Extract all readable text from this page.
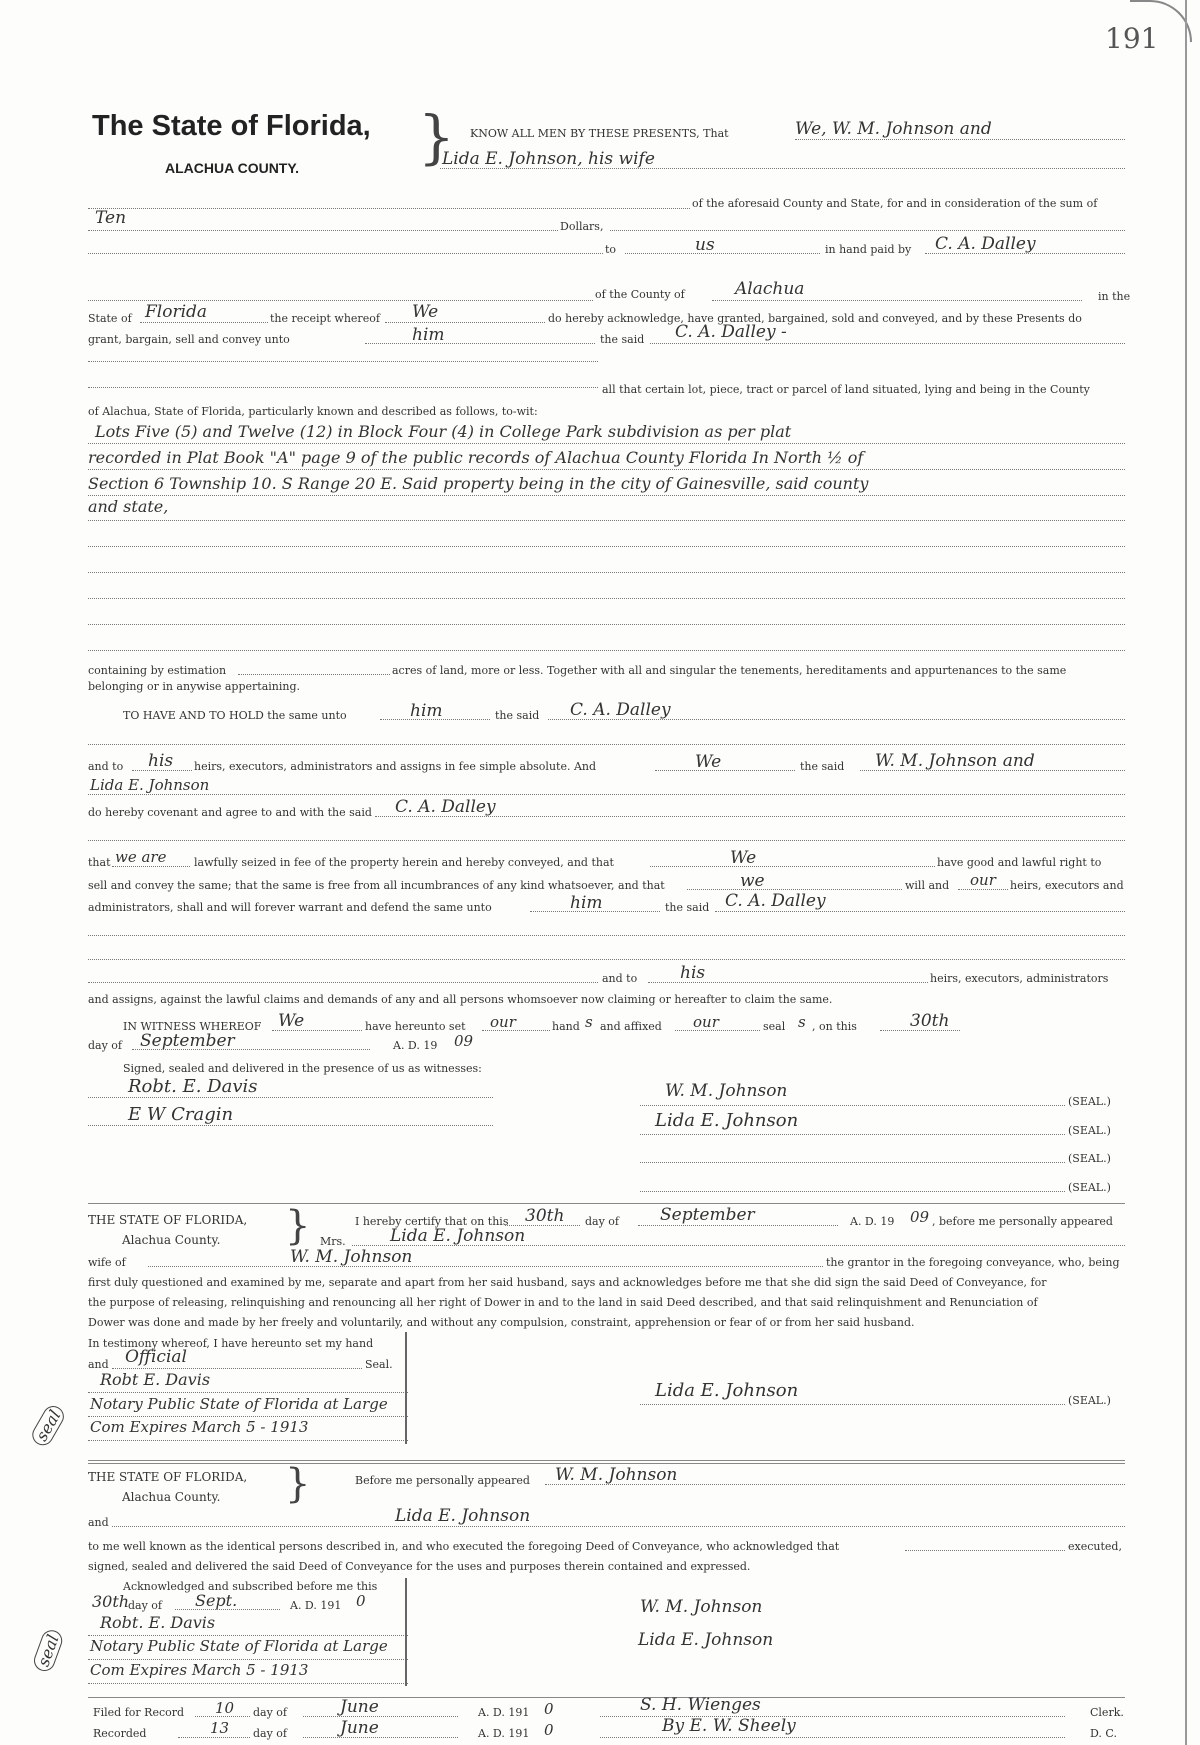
191
The State of Florida,
ALACHUA COUNTY. } KNOW ALL MEN BY THESE PRESENTS, That	We, W. M. Johnson and
Lida E. Johnson, his wife
of the aforesaid County and State, for and in consideration of the sum of
Ten	Dollars,
to	us	in hand paid by C. A. Dalley
of the County of	Alachua	in the
State of Florida	the receipt whereof We	do hereby acknowledge, have granted, bargained, sold and conveyed, and by these Presents do
grant, bargain, sell and convey unto	him	the said C. A. Dalley -
all that certain lot, piece, tract or parcel of land situated, lying and being in the County
of Alachua, State of Florida, particularly known and described as follows, to-wit:
Lots Five (5) and Twelve (12) in Block Four (4) in College Park subdivision as per plat
recorded in Plat Book "A" page 9 of the public records of Alachua County Florida In North ½ of
Section 6 Township 10. S Range 20 E. Said property being in the city of Gainesville, said county
and state,
containing by estimation	acres of land, more or less. Together with all and singular the tenements, hereditaments and appurtenances to the same
belonging or in anywise appertaining.
TO HAVE AND TO HOLD the same unto	him	the said C. A. Dalley
and to his heirs, executors, administrators and assigns in fee simple absolute. And	We	the said W. M. Johnson and
Lida E. Johnson
do hereby covenant and agree to and with the said C. A. Dalley
that we are	lawfully seized in fee of the property herein and hereby conveyed, and that	We	have good and lawful right to
sell and convey the same; that the same is free from all incumbrances of any kind whatsoever, and that	we	will and our heirs, executors and
administrators, shall and will forever warrant and defend the same unto	him	the said C. A. Dalley
and to	his	heirs, executors, administrators
and assigns, against the lawful claims and demands of any and all persons whomsoever now claiming or hereafter to claim the same.
IN WITNESS WHEREOF We	have hereunto set our	hand s and affixed our	seal s , on this	30th
day of September	A. D. 19 09
Signed, sealed and delivered in the presence of us as witnesses:
Robt. E. Davis
E W Cragin
W. M. Johnson
(SEAL.)
Lida E. Johnson	(SEAL.)
(SEAL.)
(SEAL.)
THE STATE OF FLORIDA,
Alachua County. }	I hereby certify that on this 30th day of September	A. D. 19 09 , before me personally appeared
Mrs.	Lida E. Johnson
wife of	W. M. Johnson	the grantor in the foregoing conveyance, who, being
first duly questioned and examined by me, separate and apart from her said husband, says and acknowledges before me that she did sign the said Deed of Conveyance, for
the purpose of releasing, relinquishing and renouncing all her right of Dower in and to the land in said Deed described, and that said relinquishment and Renunciation of
Dower was done and made by her freely and voluntarily, and without any compulsion, constraint, apprehension or fear of or from her said husband.
In testimony whereof, I have hereunto set my hand
and Official	Seal.
Robt E. Davis
Notary Public State of Florida at Large
Com Expires March 5 - 1913
seal
Lida E. Johnson	(SEAL.)
THE STATE OF FLORIDA,
Alachua County. }	Before me personally appeared W. M. Johnson
and	Lida E. Johnson
to me well known as the identical persons described in, and who executed the foregoing Deed of Conveyance, who acknowledged that	executed,
signed, sealed and delivered the said Deed of Conveyance for the uses and purposes therein contained and expressed.
Acknowledged and subscribed before me this
30th
day of Sept.	A. D. 191 0
Robt. E. Davis
Notary Public State of Florida at Large
Com Expires March 5 - 1913
seal
W. M. Johnson
Lida E. Johnson
Filed for Record 10 day of	June	A. D. 191 0	S. H. Wienges	Clerk.
Recorded	13 day of	June	A. D. 191 0	By E. W. Sheely	D. C.
